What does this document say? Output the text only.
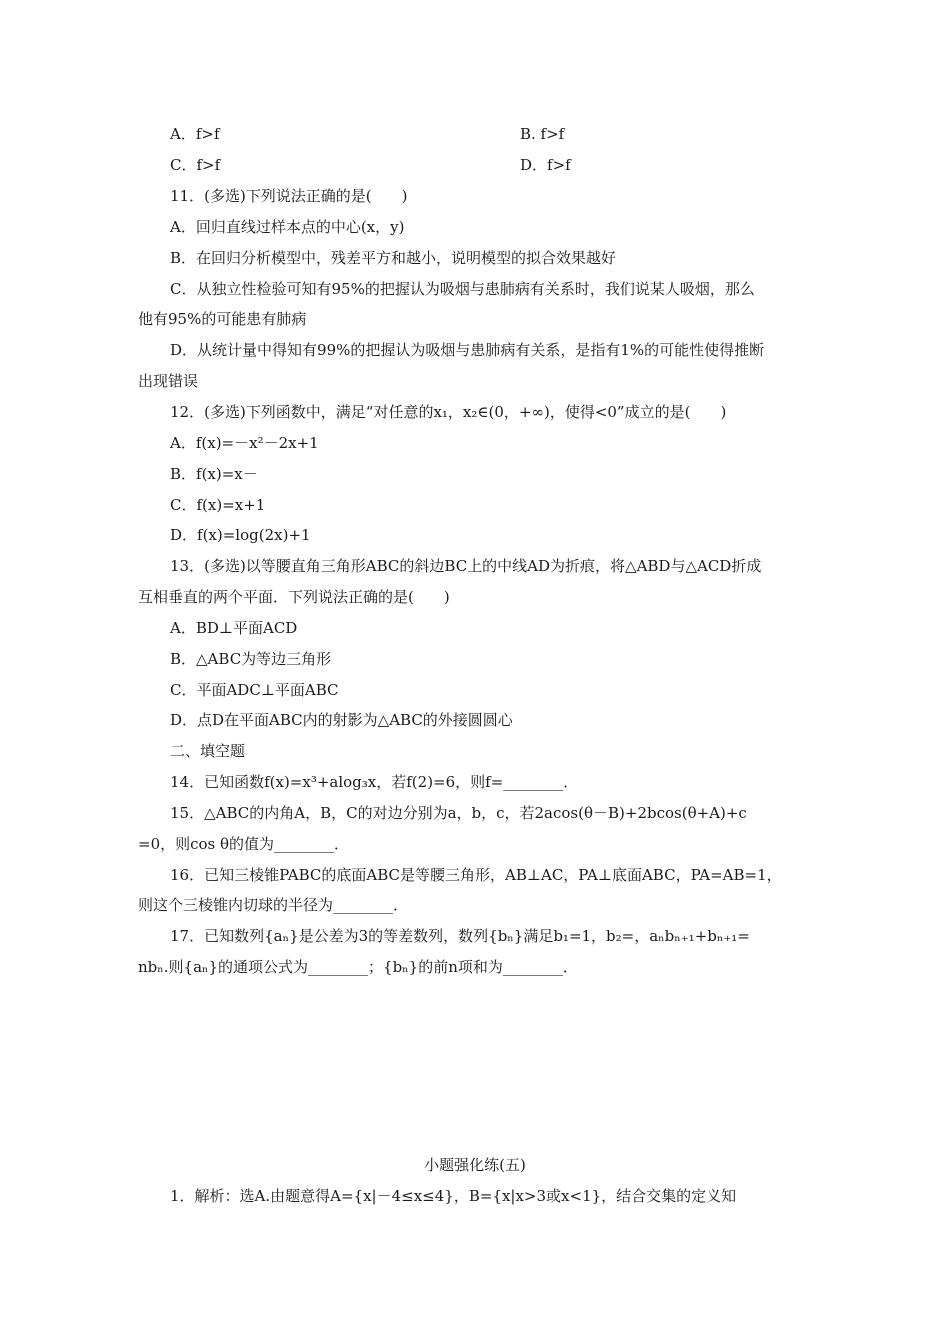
A．f>f	B. f>f
C．f>f	D．f>f
11．(多选)下列说法正确的是(　　)
A．回归直线过样本点的中心(x，y)
B．在回归分析模型中，残差平方和越小，说明模型的拟合效果越好
C．从独立性检验可知有95%的把握认为吸烟与患肺病有关系时，我们说某人吸烟，那么
他有95%的可能患有肺病
D．从统计量中得知有99%的把握认为吸烟与患肺病有关系，是指有1%的可能性使得推断
出现错误
12．(多选)下列函数中，满足“对任意的x₁，x₂∈(0，+∞)，使得<0”成立的是(　　)
A．f(x)=－x²－2x+1
B．f(x)=x－
C．f(x)=x+1
D．f(x)=log(2x)+1
13．(多选)以等腰直角三角形ABC的斜边BC上的中线AD为折痕，将△ABD与△ACD折成
互相垂直的两个平面．下列说法正确的是(　　)
A．BD⊥平面ACD
B．△ABC为等边三角形
C．平面ADC⊥平面ABC
D．点D在平面ABC内的射影为△ABC的外接圆圆心
二、填空题
14．已知函数f(x)=x³+alog₃x，若f(2)=6，则f=________．
15．△ABC的内角A，B，C的对边分别为a，b，c，若2acos(θ－B)+2bcos(θ+A)+c
=0，则cos θ的值为________．
16．已知三棱锥PABC的底面ABC是等腰三角形，AB⊥AC，PA⊥底面ABC，PA=AB=1，
则这个三棱锥内切球的半径为________．
17．已知数列{aₙ}是公差为3的等差数列，数列{bₙ}满足b₁=1，b₂=，aₙbₙ₊₁+bₙ₊₁=
nbₙ.则{aₙ}的通项公式为________；{bₙ}的前n项和为________．
小题强化练(五)
1．解析：选A.由题意得A={x|－4≤x≤4}，B={x|x>3或x<1}，结合交集的定义知
